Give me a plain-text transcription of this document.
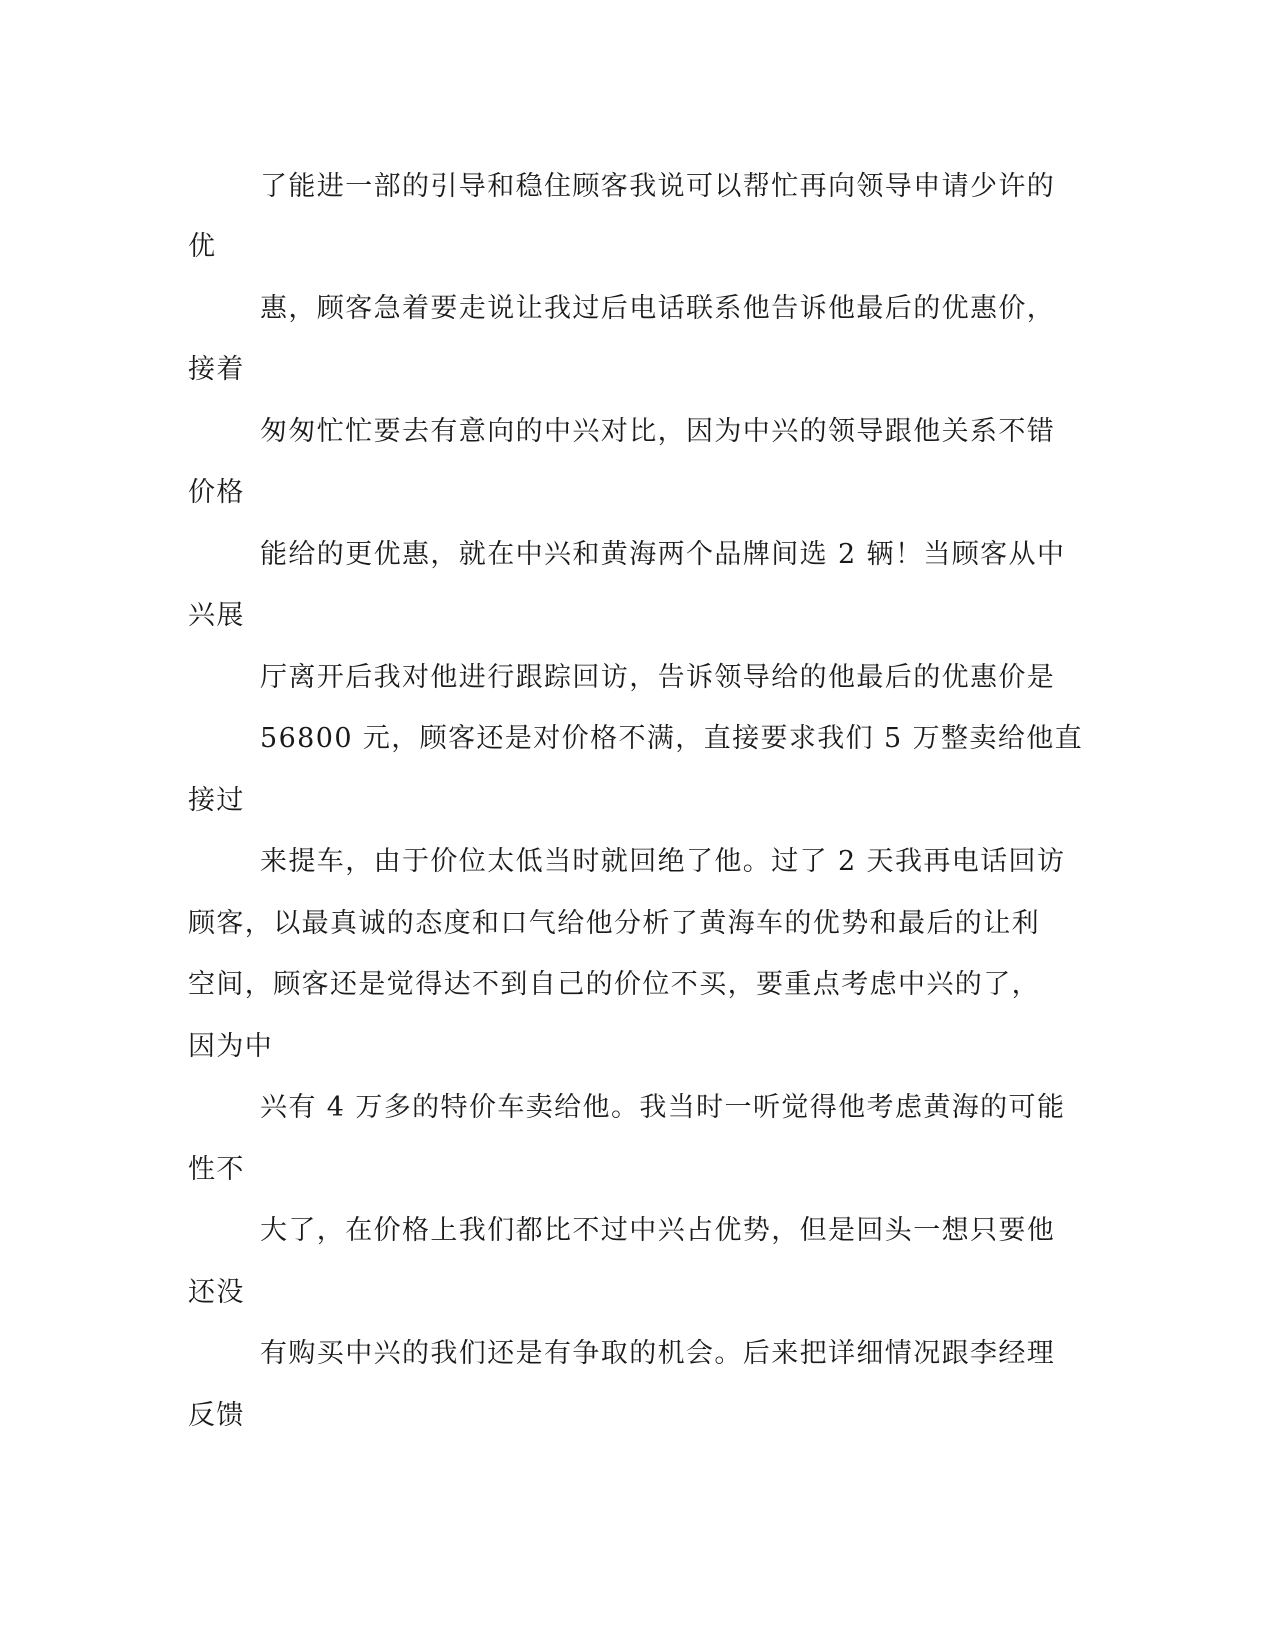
了能进一部的引导和稳住顾客我说可以帮忙再向领导申请少许的
优
惠，顾客急着要走说让我过后电话联系他告诉他最后的优惠价，
接着
匆匆忙忙要去有意向的中兴对比，因为中兴的领导跟他关系不错
价格
能给的更优惠，就在中兴和黄海两个品牌间选 2 辆！当顾客从中
兴展
厅离开后我对他进行跟踪回访，告诉领导给的他最后的优惠价是
56800 元，顾客还是对价格不满，直接要求我们 5 万整卖给他直
接过
来提车，由于价位太低当时就回绝了他。过了 2 天我再电话回访
顾客，以最真诚的态度和口气给他分析了黄海车的优势和最后的让利
空间，顾客还是觉得达不到自己的价位不买，要重点考虑中兴的了，
因为中
兴有 4 万多的特价车卖给他。我当时一听觉得他考虑黄海的可能
性不
大了，在价格上我们都比不过中兴占优势，但是回头一想只要他
还没
有购买中兴的我们还是有争取的机会。后来把详细情况跟李经理
反馈
